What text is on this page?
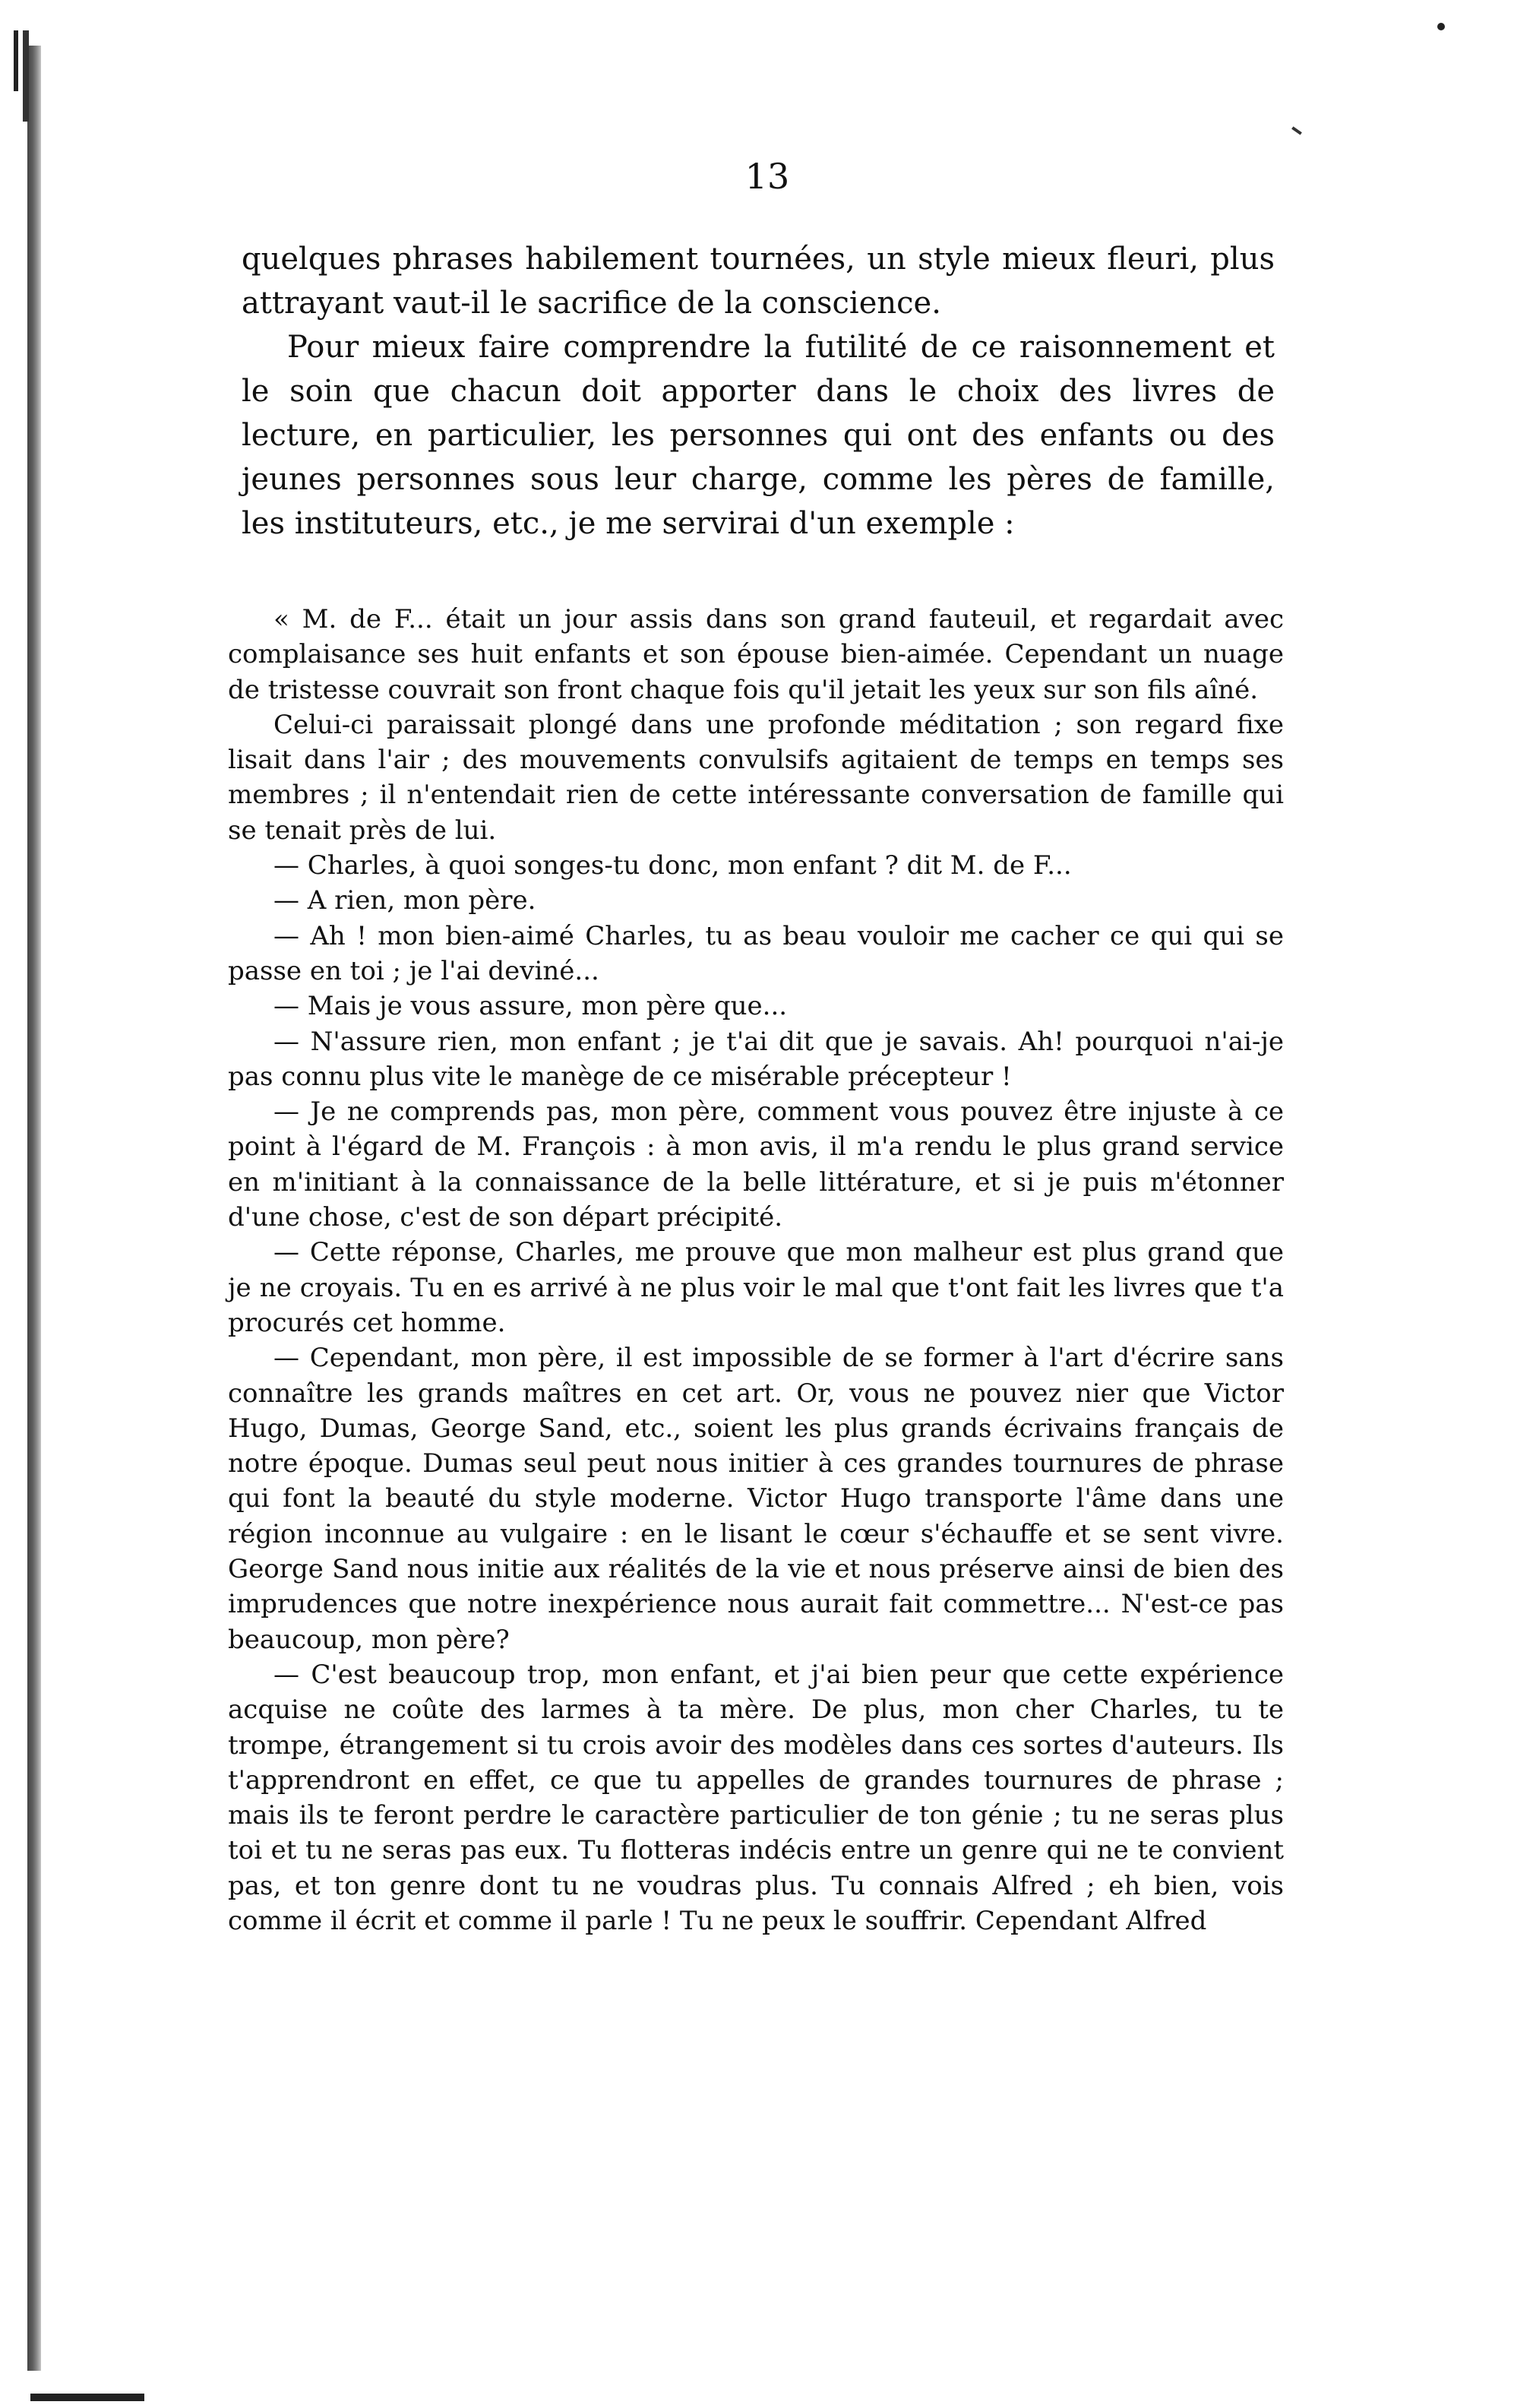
13

quelques phrases habilement tournées, un style mieux fleuri, plus attrayant vaut-il le sacrifice de la conscience.

Pour mieux faire comprendre la futilité de ce raisonnement et le soin que chacun doit apporter dans le choix des livres de lecture, en particulier, les personnes qui ont des enfants ou des jeunes personnes sous leur charge, comme les pères de famille, les instituteurs, etc., je me servirai d'un exemple :

« M. de F... était un jour assis dans son grand fauteuil, et regardait avec complaisance ses huit enfants et son épouse bien-aimée. Cependant un nuage de tristesse couvrait son front chaque fois qu'il jetait les yeux sur son fils aîné.

Celui-ci paraissait plongé dans une profonde méditation ; son regard fixe lisait dans l'air ; des mouvements convulsifs agitaient de temps en temps ses membres ; il n'entendait rien de cette intéressante conversation de famille qui se tenait près de lui.

— Charles, à quoi songes-tu donc, mon enfant ? dit M. de F...

— A rien, mon père.

— Ah ! mon bien-aimé Charles, tu as beau vouloir me cacher ce qui qui se passe en toi ; je l'ai deviné...

— Mais je vous assure, mon père que...

— N'assure rien, mon enfant ; je t'ai dit que je savais. Ah! pourquoi n'ai-je pas connu plus vite le manège de ce misérable précepteur !

— Je ne comprends pas, mon père, comment vous pouvez être injuste à ce point à l'égard de M. François : à mon avis, il m'a rendu le plus grand service en m'initiant à la connaissance de la belle littérature, et si je puis m'étonner d'une chose, c'est de son départ précipité.

— Cette réponse, Charles, me prouve que mon malheur est plus grand que je ne croyais. Tu en es arrivé à ne plus voir le mal que t'ont fait les livres que t'a procurés cet homme.

— Cependant, mon père, il est impossible de se former à l'art d'écrire sans connaître les grands maîtres en cet art. Or, vous ne pouvez nier que Victor Hugo, Dumas, George Sand, etc., soient les plus grands écrivains français de notre époque. Dumas seul peut nous initier à ces grandes tournures de phrase qui font la beauté du style moderne. Victor Hugo transporte l'âme dans une région inconnue au vulgaire : en le lisant le cœur s'échauffe et se sent vivre. George Sand nous initie aux réalités de la vie et nous préserve ainsi de bien des imprudences que notre inexpérience nous aurait fait commettre... N'est-ce pas beaucoup, mon père?

— C'est beaucoup trop, mon enfant, et j'ai bien peur que cette expérience acquise ne coûte des larmes à ta mère. De plus, mon cher Charles, tu te trompe, étrangement si tu crois avoir des modèles dans ces sortes d'auteurs. Ils t'apprendront en effet, ce que tu appelles de grandes tournures de phrase ; mais ils te feront perdre le caractère particulier de ton génie ; tu ne seras plus toi et tu ne seras pas eux. Tu flotteras indécis entre un genre qui ne te convient pas, et ton genre dont tu ne voudras plus. Tu connais Alfred ; eh bien, vois comme il écrit et comme il parle ! Tu ne peux le souffrir. Cependant Alfred
